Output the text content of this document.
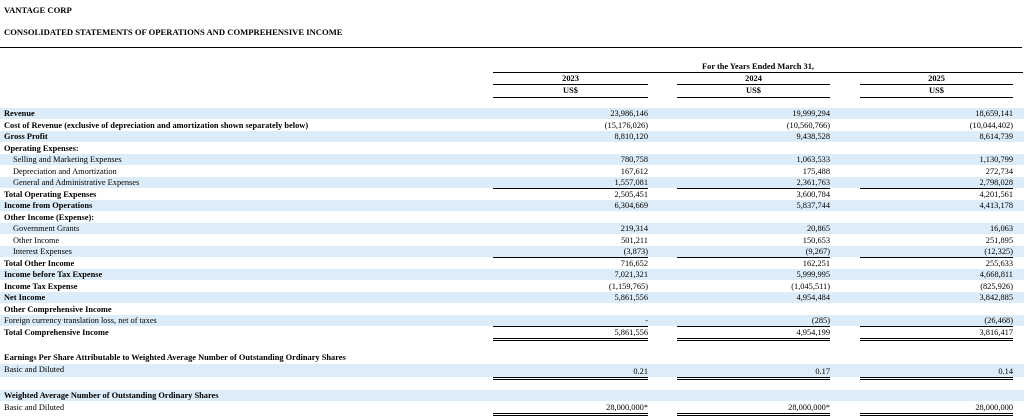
VANTAGE CORP
CONSOLIDATED STATEMENTS OF OPERATIONS AND COMPREHENSIVE INCOME
For the Years Ended March 31,
2023	2024	2025
US$	US$	US$
Revenue	23,986,146	19,999,294	18,659,141
Cost of Revenue (exclusive of depreciation and amortization shown separately below)	(15,176,026)	(10,560,766)	(10,044,402)
Gross Profit	8,810,120	9,438,528	8,614,739
Operating Expenses:
Selling and Marketing Expenses	780,758	1,063,533	1,130,799
Depreciation and Amortization	167,612	175,488	272,734
General and Administrative Expenses	1,557,081	2,361,763	2,798,028
Total Operating Expenses	2,505,451	3,600,784	4,201,561
Income from Operations	6,304,669	5,837,744	4,413,178
Other Income (Expense):
Government Grants	219,314	20,865	16,063
Other Income	501,211	150,653	251,895
Interest Expenses	(3,873)	(9,267)	(12,325)
Total Other Income	716,652	162,251	255,633
Income before Tax Expense	7,021,321	5,999,995	4,668,811
Income Tax Expense	(1,159,765)	(1,045,511)	(825,926)
Net Income	5,861,556	4,954,484	3,842,885
Other Comprehensive Income
Foreign currency translation loss, net of taxes	-	(285)	(26,468)
Total Comprehensive Income	5,861,556	4,954,199	3,816,417
Earnings Per Share Attributable to Weighted Average Number of Outstanding Ordinary Shares
Basic and Diluted	0.21	0.17	0.14
Weighted Average Number of Outstanding Ordinary Shares
Basic and Diluted	28,000,000*	28,000,000*	28,000,000
